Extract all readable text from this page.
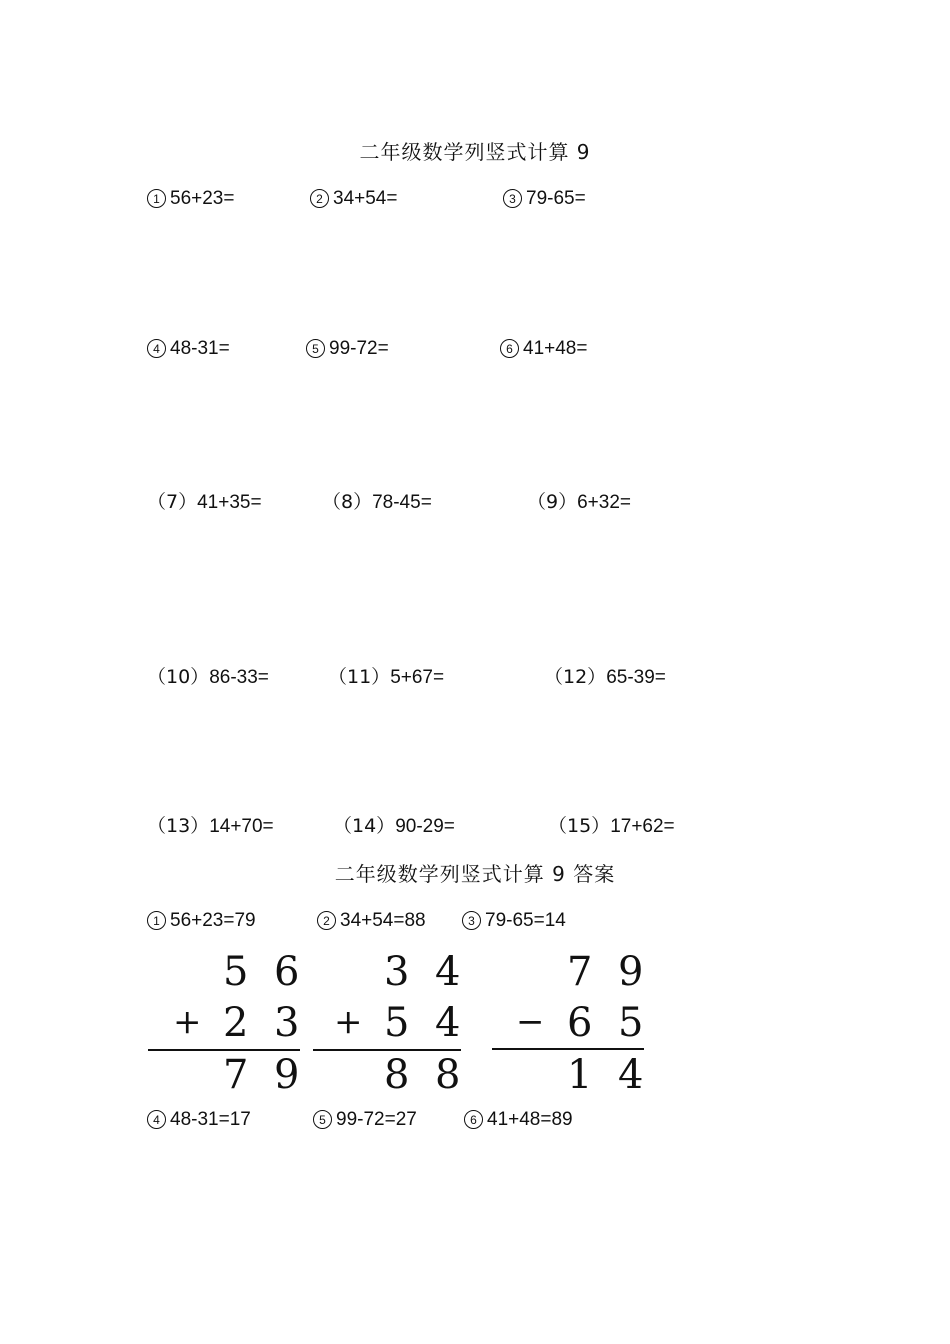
二年级数学列竖式计算 9
1 56+23=	2 34+54=	3 79-65=
4 48-31=	5 99-72=	6 41+48=
（7）41+35=	（8）78-45=	（9）6+32=
（10）86-33=	（11）5+67=	（12）65-39=
（13）14+70=	（14）90-29=	（15）17+62=
二年级数学列竖式计算 9 答案
1 56+23=79	2 34+54=88	3 79-65=14
5 6
+ 2 3
7 9
3 4
+ 5 4
8 8
7 9
− 6 5
1 4
4 48-31=17	5 99-72=27	6 41+48=89
